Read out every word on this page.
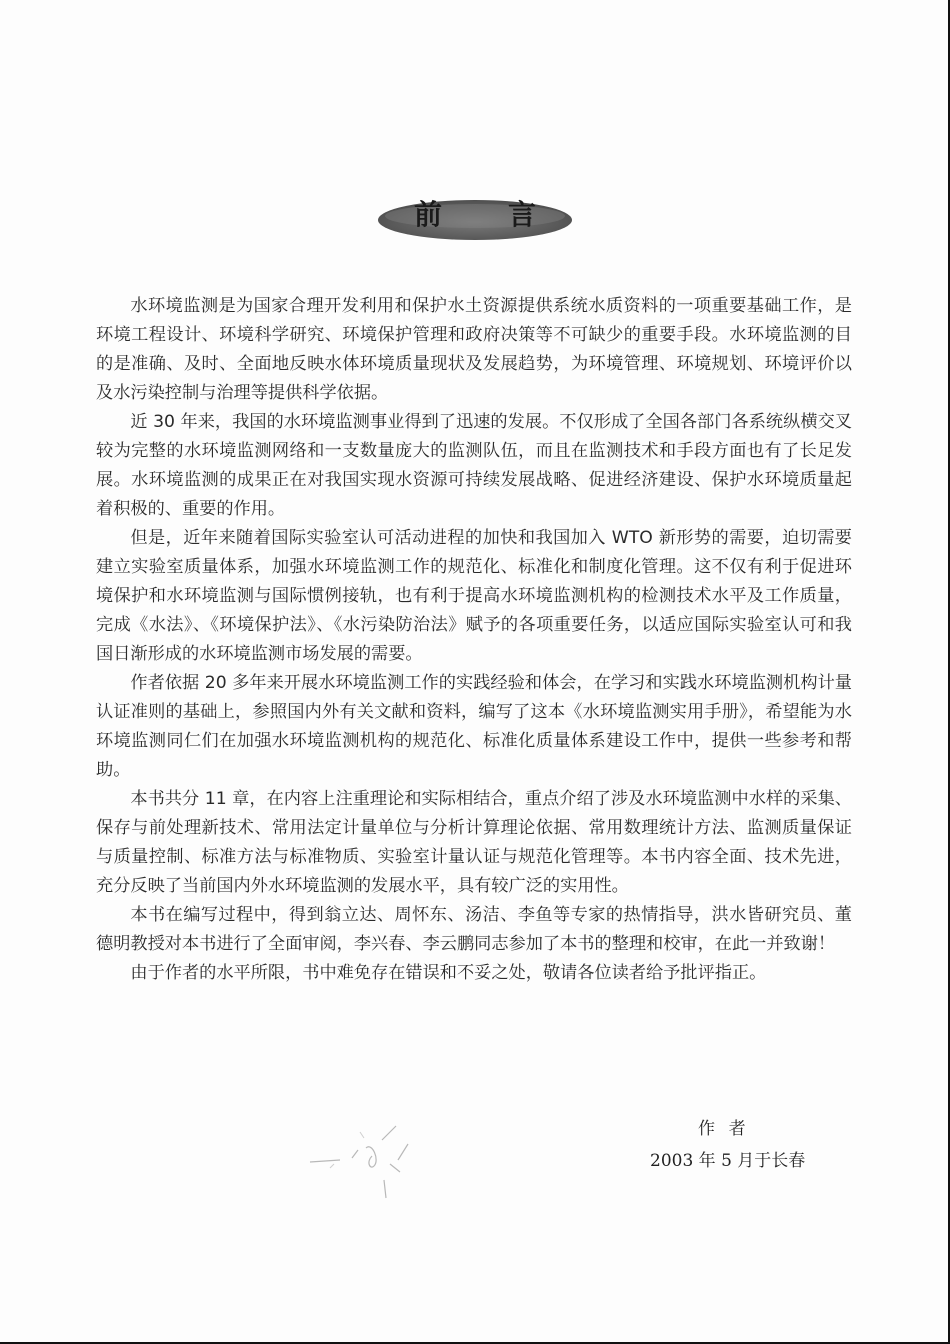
前 言

水环境监测是为国家合理开发利用和保护水土资源提供系统水质资料的一项重要基础工作，是环境工程设计、环境科学研究、环境保护管理和政府决策等不可缺少的重要手段。水环境监测的目的是准确、及时、全面地反映水体环境质量现状及发展趋势，为环境管理、环境规划、环境评价以及水污染控制与治理等提供科学依据。

近 30 年来，我国的水环境监测事业得到了迅速的发展。不仅形成了全国各部门各系统纵横交叉较为完整的水环境监测网络和一支数量庞大的监测队伍，而且在监测技术和手段方面也有了长足发展。水环境监测的成果正在对我国实现水资源可持续发展战略、促进经济建设、保护水环境质量起着积极的、重要的作用。

但是，近年来随着国际实验室认可活动进程的加快和我国加入 WTO 新形势的需要，迫切需要建立实验室质量体系，加强水环境监测工作的规范化、标准化和制度化管理。这不仅有利于促进环境保护和水环境监测与国际惯例接轨，也有利于提高水环境监测机构的检测技术水平及工作质量，完成《水法》、《环境保护法》、《水污染防治法》赋予的各项重要任务，以适应国际实验室认可和我国日渐形成的水环境监测市场发展的需要。

作者依据 20 多年来开展水环境监测工作的实践经验和体会，在学习和实践水环境监测机构计量认证准则的基础上，参照国内外有关文献和资料，编写了这本《水环境监测实用手册》，希望能为水环境监测同仁们在加强水环境监测机构的规范化、标准化质量体系建设工作中，提供一些参考和帮助。

本书共分 11 章，在内容上注重理论和实际相结合，重点介绍了涉及水环境监测中水样的采集、保存与前处理新技术、常用法定计量单位与分析计算理论依据、常用数理统计方法、监测质量保证与质量控制、标准方法与标准物质、实验室计量认证与规范化管理等。本书内容全面、技术先进，充分反映了当前国内外水环境监测的发展水平，具有较广泛的实用性。

本书在编写过程中，得到翁立达、周怀东、汤洁、李鱼等专家的热情指导，洪水皆研究员、董德明教授对本书进行了全面审阅，李兴春、李云鹏同志参加了本书的整理和校审，在此一并致谢！

由于作者的水平所限，书中难免存在错误和不妥之处，敬请各位读者给予批评指正。

作者
2003 年 5 月于长春
